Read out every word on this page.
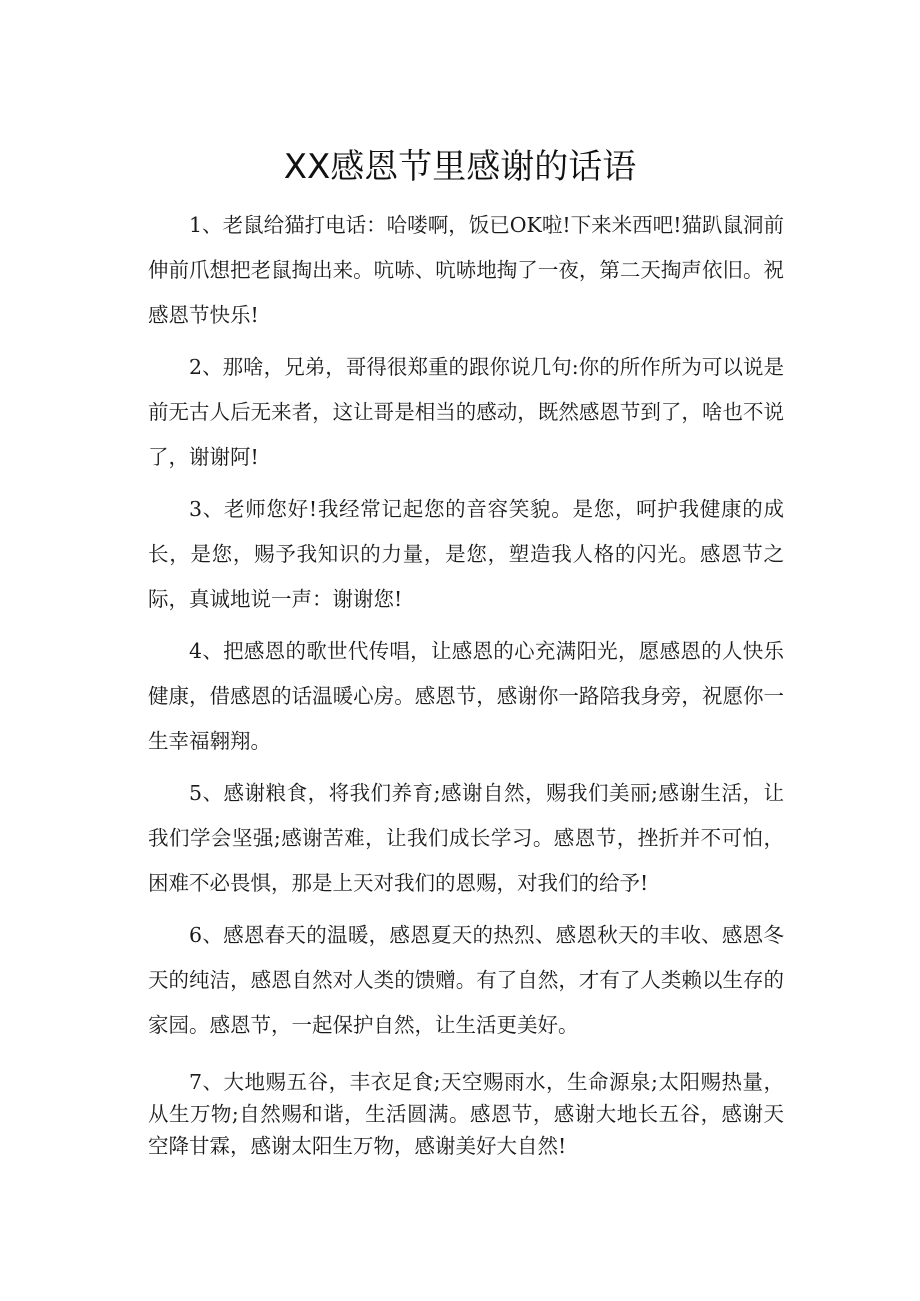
XX感恩节里感谢的话语

1、老鼠给猫打电话：哈喽啊，饭已OK啦!下来米西吧!猫趴鼠洞前伸前爪想把老鼠掏出来。吭哧、吭哧地掏了一夜，第二天掏声依旧。祝感恩节快乐!

2、那啥，兄弟，哥得很郑重的跟你说几句:你的所作所为可以说是前无古人后无来者，这让哥是相当的感动，既然感恩节到了，啥也不说了，谢谢阿!

3、老师您好!我经常记起您的音容笑貌。是您，呵护我健康的成长，是您，赐予我知识的力量，是您，塑造我人格的闪光。感恩节之际，真诚地说一声：谢谢您!

4、把感恩的歌世代传唱，让感恩的心充满阳光，愿感恩的人快乐健康，借感恩的话温暖心房。感恩节，感谢你一路陪我身旁，祝愿你一生幸福翱翔。

5、感谢粮食，将我们养育;感谢自然，赐我们美丽;感谢生活，让我们学会坚强;感谢苦难，让我们成长学习。感恩节，挫折并不可怕，困难不必畏惧，那是上天对我们的恩赐，对我们的给予!

6、感恩春天的温暖，感恩夏天的热烈、感恩秋天的丰收、感恩冬天的纯洁，感恩自然对人类的馈赠。有了自然，才有了人类赖以生存的家园。感恩节，一起保护自然，让生活更美好。

7、大地赐五谷，丰衣足食;天空赐雨水，生命源泉;太阳赐热量，从生万物;自然赐和谐，生活圆满。感恩节，感谢大地长五谷，感谢天空降甘霖，感谢太阳生万物，感谢美好大自然!
